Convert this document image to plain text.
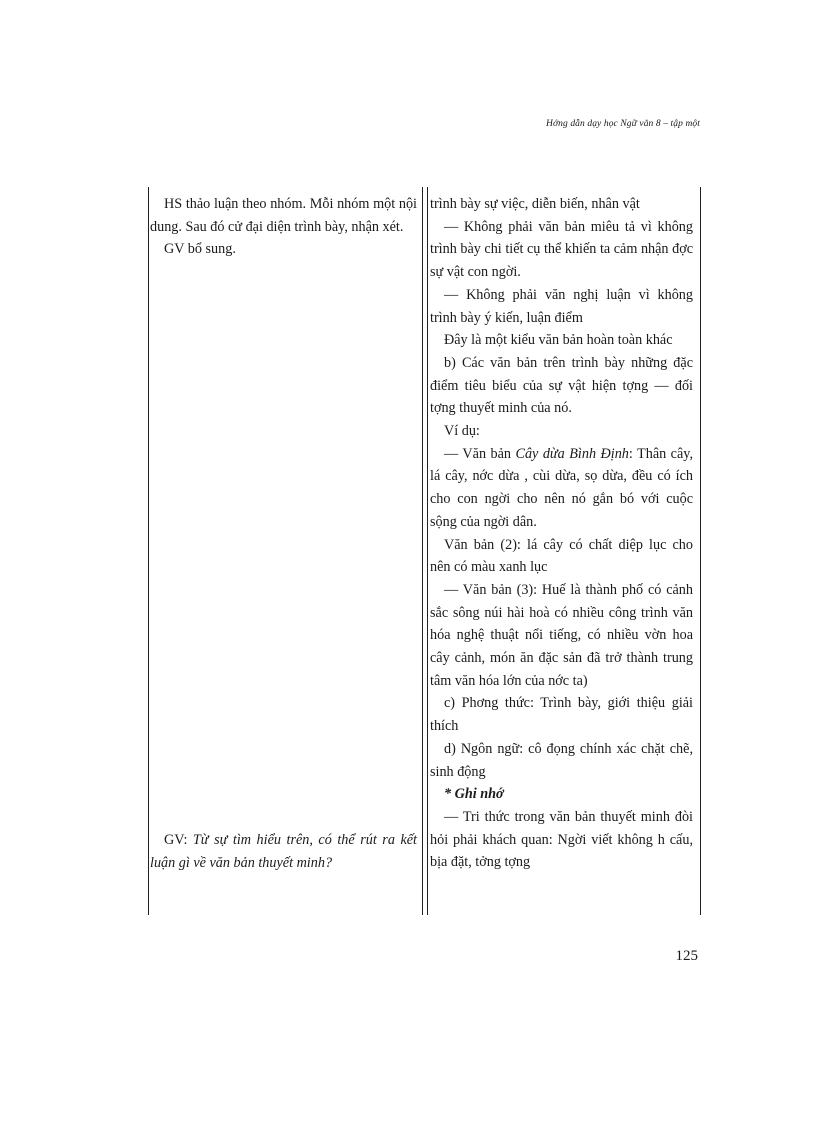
Hớng dẫn dạy học Ngữ văn 8 – tập một

HS thảo luận theo nhóm. Mỗi nhóm một nội dung. Sau đó cử đại diện trình bày, nhận xét.

GV bổ sung.

GV: Từ sự tìm hiểu trên, có thể rút ra kết luận gì về văn bản thuyết minh?

trình bày sự việc, diễn biến, nhân vật

— Không phải văn bản miêu tả vì không trình bày chi tiết cụ thể khiến ta cảm nhận đợc sự vật con ngời.

— Không phải văn nghị luận vì không trình bày ý kiến, luận điểm

Đây là một kiểu văn bản hoàn toàn khác

b) Các văn bản trên trình bày những đặc điểm tiêu biểu của sự vật hiện tợng — đối tợng thuyết minh của nó.

Ví dụ:

— Văn bản Cây dừa Bình Định: Thân cây, lá cây, nớc dừa , cùi dừa, sọ dừa, đều có ích cho con ngời cho nên nó gắn bó với cuộc sộng của ngời dân.

Văn bản (2): lá cây có chất diệp lục cho nên có màu xanh lục

— Văn bản (3): Huế là thành phố có cảnh sắc sông núi hài hoà có nhiều công trình văn hóa nghệ thuật nổi tiếng, có nhiều vờn hoa cây cảnh, món ăn đặc sản đã trở thành trung tâm văn hóa lớn của nớc ta)

c) Phơng thức: Trình bày, giới thiệu giải thích

d) Ngôn ngữ: cô đọng chính xác chặt chẽ, sinh động

* Ghi nhớ

— Tri thức trong văn bản thuyết minh đòi hỏi phải khách quan: Ngời viết không h cấu, bịa đặt, tởng tợng

125
